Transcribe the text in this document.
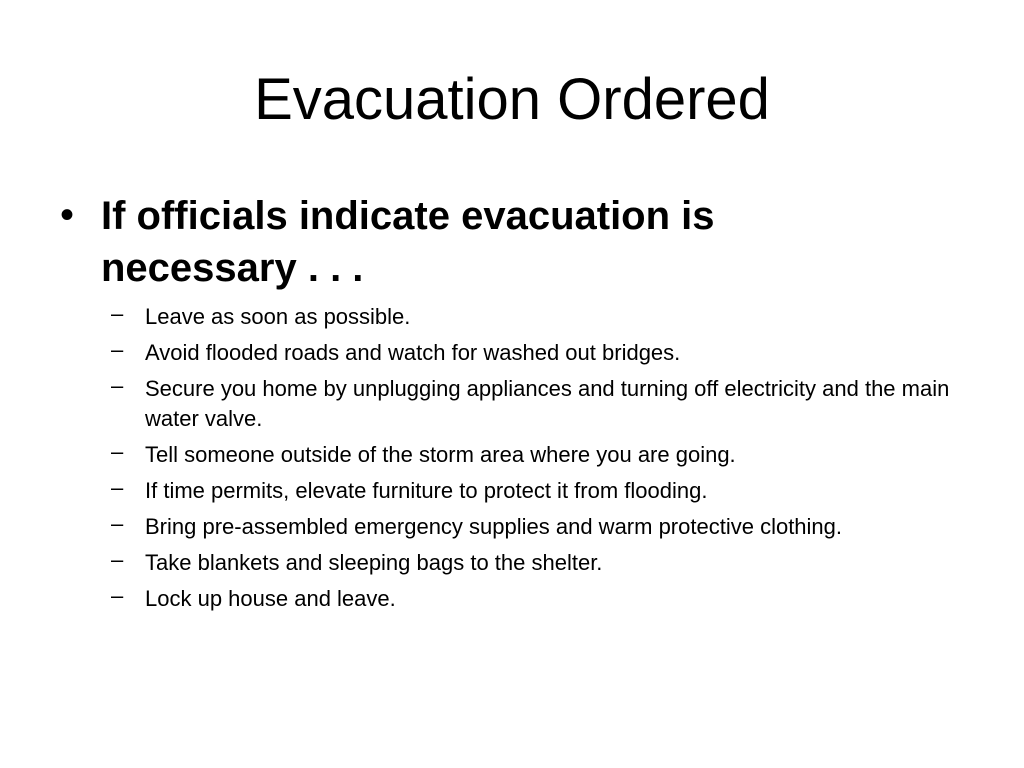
Evacuation Ordered
• If officials indicate evacuation is necessary . . .
– Leave as soon as possible.
– Avoid flooded roads and watch for washed out bridges.
– Secure you home by unplugging appliances and turning off electricity and the main water valve.
– Tell someone outside of the storm area where you are going.
– If time permits, elevate furniture to protect it from flooding.
– Bring pre-assembled emergency supplies and warm protective clothing.
– Take blankets and sleeping bags to the shelter.
– Lock up house and leave.
